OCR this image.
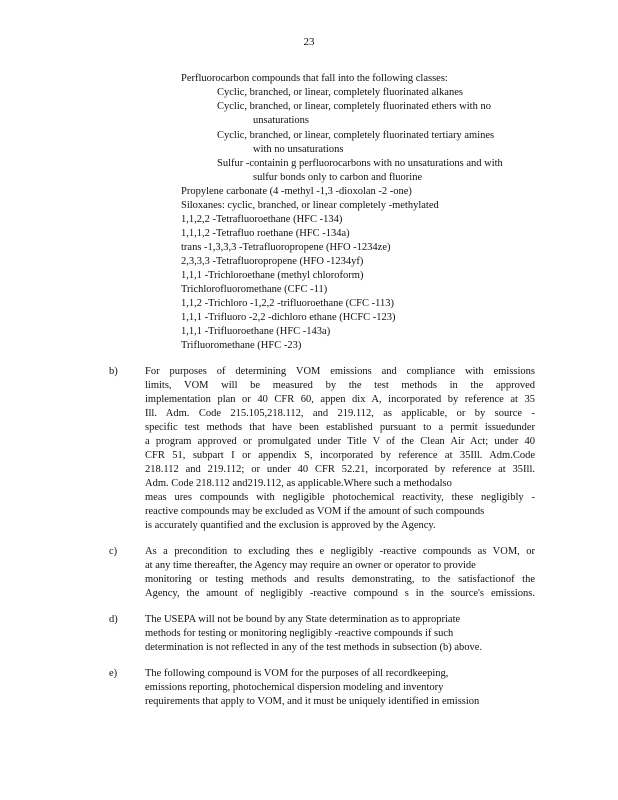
23
Perfluorocarbon compounds that fall into the following classes:
Cyclic, branched, or linear, completely fluorinated alkanes
Cyclic, branched, or linear, completely fluorinated ethers with no
unsaturations
Cyclic, branched, or linear, completely fluorinated tertiary amines
with no unsaturations
Sulfur -containin g perfluorocarbons with no unsaturations and with
sulfur bonds only to carbon and fluorine
Propylene carbonate (4 -methyl -1,3 -dioxolan -2 -one)
Siloxanes: cyclic, branched, or linear completely -methylated
1,1,2,2 -Tetrafluoroethane (HFC -134)
1,1,1,2 -Tetrafluo roethane (HFC -134a)
trans -1,3,3,3 -Tetrafluoropropene (HFO -1234ze)
2,3,3,3 -Tetrafluoropropene (HFO -1234yf)
1,1,1 -Trichloroethane (methyl chloroform)
Trichlorofluoromethane (CFC -11)
1,1,2 -Trichloro -1,2,2 -trifluoroethane (CFC -113)
1,1,1 -Trifluoro -2,2 -dichloro ethane (HCFC -123)
1,1,1 -Trifluoroethane (HFC -143a)
Trifluoromethane (HFC -23)
b)	For purposes of determining VOM emissions and compliance with emissions
limits, VOM will be measured by the test methods in the approved
implementation plan or 40 CFR 60, appen dix A, incorporated by reference at 35
Ill. Adm. Code 215.105,218.112, and 219.112, as applicable, or by source -
specific test methods that have been established pursuant to a permit issuedunder
a program approved or promulgated under Title V of the Clean Air Act; under 40
CFR 51, subpart I or appendix S, incorporated by reference at 35Ill. Adm.Code
218.112 and 219.112; or under 40 CFR 52.21, incorporated by reference at 35Ill.
Adm. Code 218.112 and219.112, as applicable.Where such a methodalso
meas ures compounds with negligible photochemical reactivity, these negligibly -
reactive compounds may be excluded as VOM if the amount of such compounds
is accurately quantified and the exclusion is approved by the Agency.
c)	As a precondition to excluding thes e negligibly -reactive compounds as VOM, or
at any time thereafter, the Agency may require an owner or operator to provide
monitoring or testing methods and results demonstrating, to the satisfactionof the
Agency, the amount of negligibly -reactive compound s in the source's emissions.
d)	The USEPA will not be bound by any State determination as to appropriate
methods for testing or monitoring negligibly -reactive compounds if such
determination is not reflected in any of the test methods in subsection (b) above.
e)	The following compound is VOM for the purposes of all recordkeeping,
emissions reporting, photochemical dispersion modeling and inventory
requirements that apply to VOM, and it must be uniquely identified in emission
